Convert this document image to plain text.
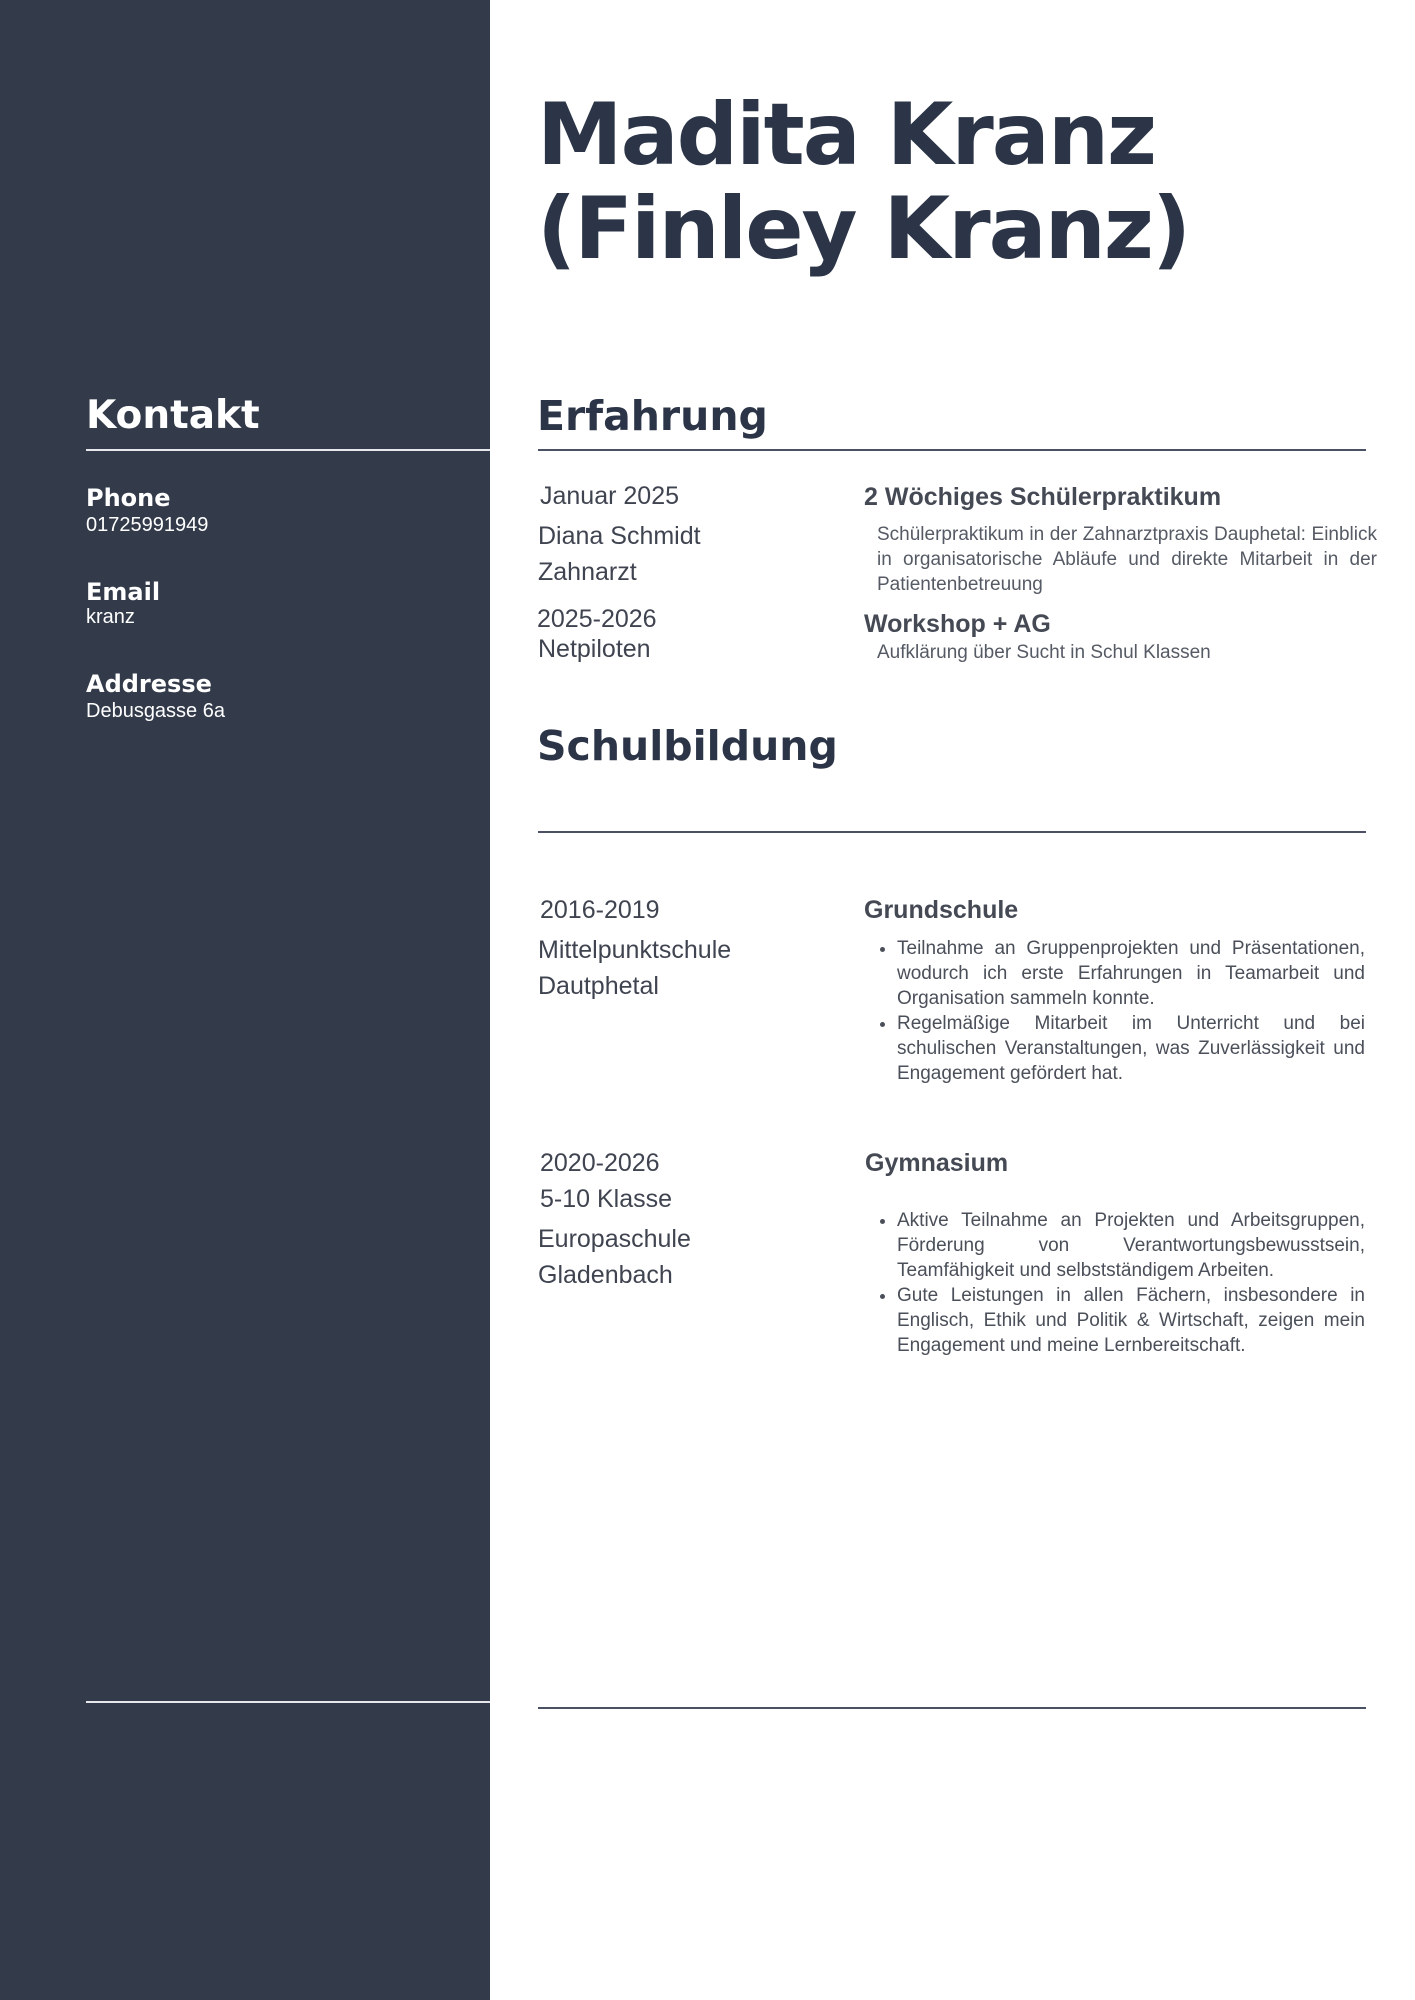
Kontakt
Phone
01725991949
Email
kranz
Addresse
Debusgasse 6a
Madita Kranz
(Finley Kranz)
Erfahrung
Januar 2025
Diana Schmidt
Zahnarzt
2025-2026
Netpiloten
2 Wöchiges Schülerpraktikum

Schülerpraktikum in der Zahnarztpraxis Dauphetal: Einblick in organisatorische Abläufe und direkte Mitarbeit in der Patientenbetreuung

Workshop + AG

Aufklärung über Sucht in Schul Klassen

Schulbildung
2016-2019
Mittelpunktschule
Dautphetal
Grundschule
• Teilnahme an Gruppenprojekten und Präsentationen, wodurch ich erste Erfahrungen in Teamarbeit und Organisation sammeln konnte.
• Regelmäßige Mitarbeit im Unterricht und bei schulischen Veranstaltungen, was Zuverlässigkeit und Engagement gefördert hat.
2020-2026
5-10 Klasse
Europaschule
Gladenbach
Gymnasium
• Aktive Teilnahme an Projekten und Arbeitsgruppen, Förderung von Verantwortungsbewusstsein, Teamfähigkeit und selbstständigem Arbeiten.
• Gute Leistungen in allen Fächern, insbesondere in Englisch, Ethik und Politik & Wirtschaft, zeigen mein Engagement und meine Lernbereitschaft.
